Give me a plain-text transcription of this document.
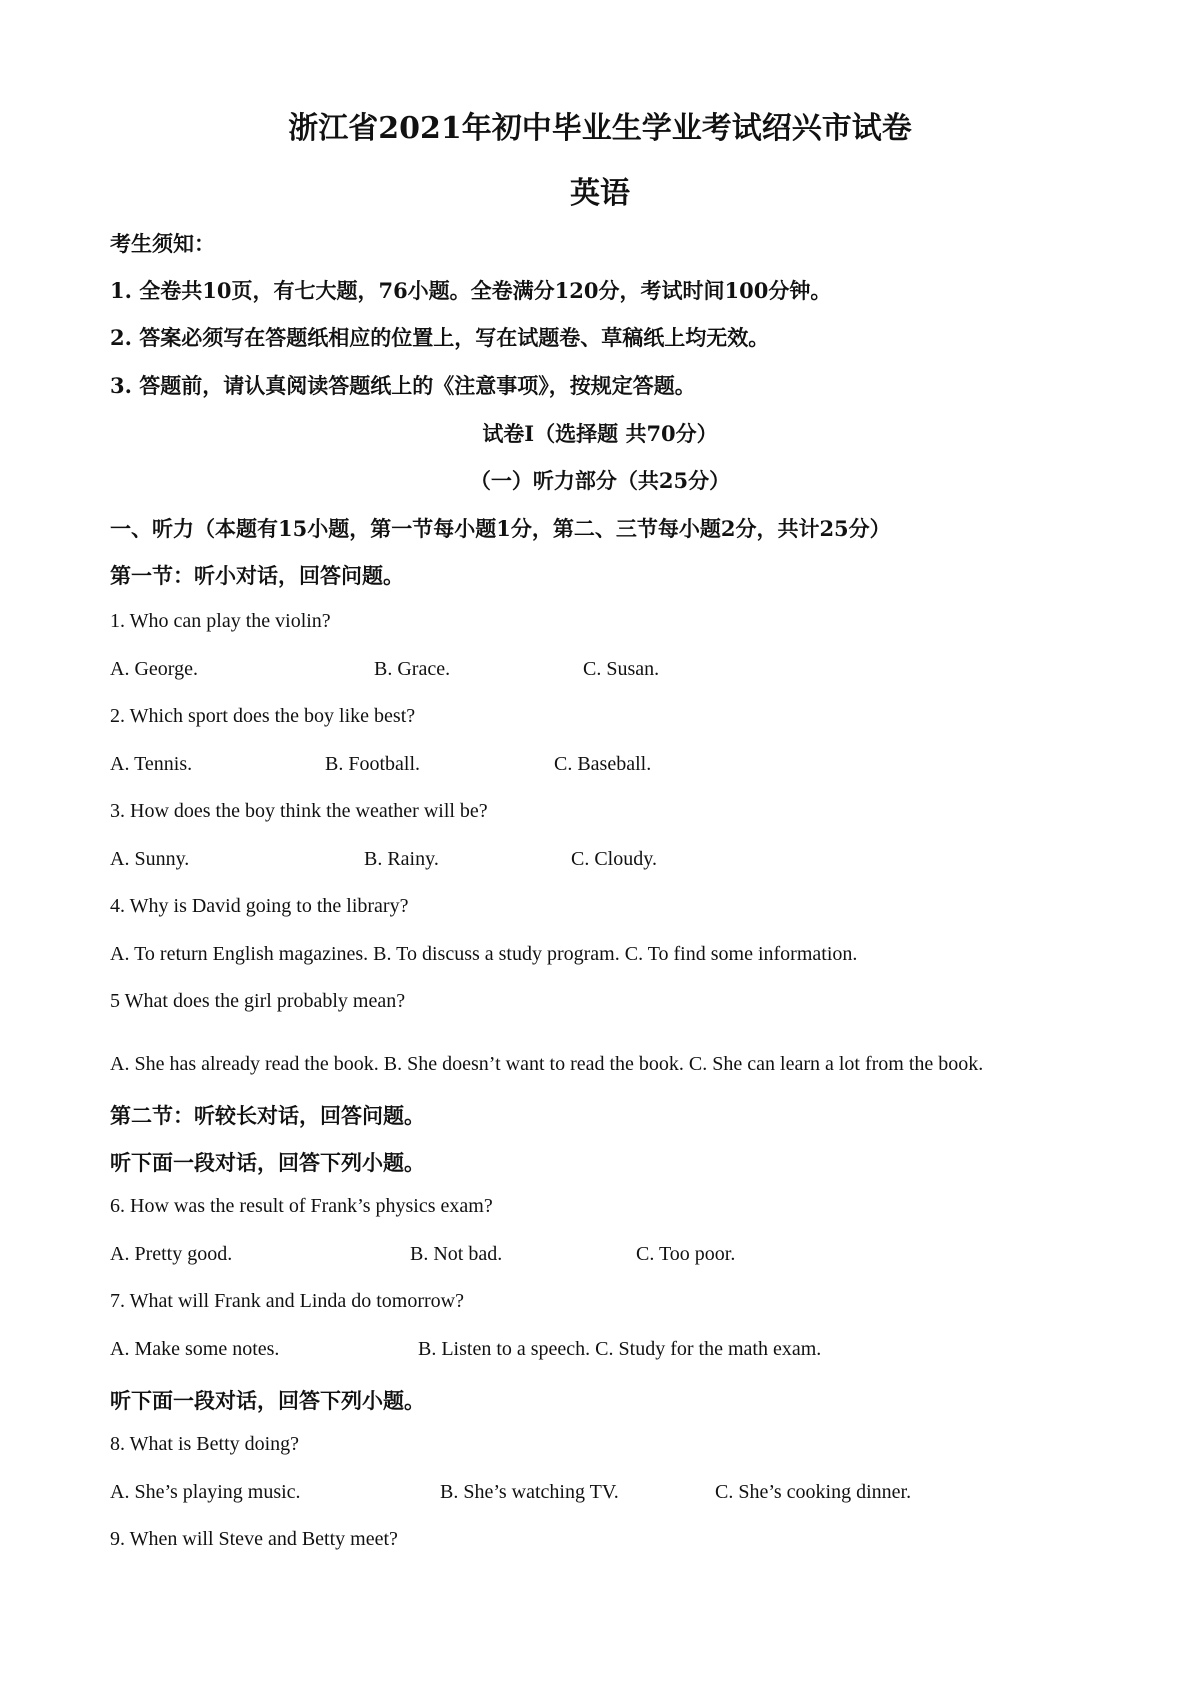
浙江省2021年初中毕业生学业考试绍兴市试卷
英语
考生须知：
1. 全卷共10页，有七大题，76小题。全卷满分120分，考试时间100分钟。
2. 答案必须写在答题纸相应的位置上，写在试题卷、草稿纸上均无效。
3. 答题前，请认真阅读答题纸上的《注意事项》，按规定答题。
试卷I（选择题 共70分）
（一）听力部分（共25分）
一、听力（本题有15小题，第一节每小题1分，第二、三节每小题2分，共计25分）
第一节：听小对话，回答问题。
1. Who can play the violin?
A. George.	B. Grace.	C. Susan.
2. Which sport does the boy like best?
A. Tennis.	B. Football.	C. Baseball.
3. How does the boy think the weather will be?
A. Sunny.	B. Rainy.	C. Cloudy.
4. Why is David going to the library?
A. To return English magazines. B. To discuss a study program. C. To find some information.
5 What does the girl probably mean?
A. She has already read the book. B. She doesn’t want to read the book. C. She can learn a lot from the book.
第二节：听较长对话，回答问题。
听下面一段对话，回答下列小题。
6. How was the result of Frank’s physics exam?
A. Pretty good.	B. Not bad.	C. Too poor.
7. What will Frank and Linda do tomorrow?
A. Make some notes.	B. Listen to a speech. C. Study for the math exam.
听下面一段对话，回答下列小题。
8. What is Betty doing?
A. She’s playing music.	B. She’s watching TV.	C. She’s cooking dinner.
9. When will Steve and Betty meet?
